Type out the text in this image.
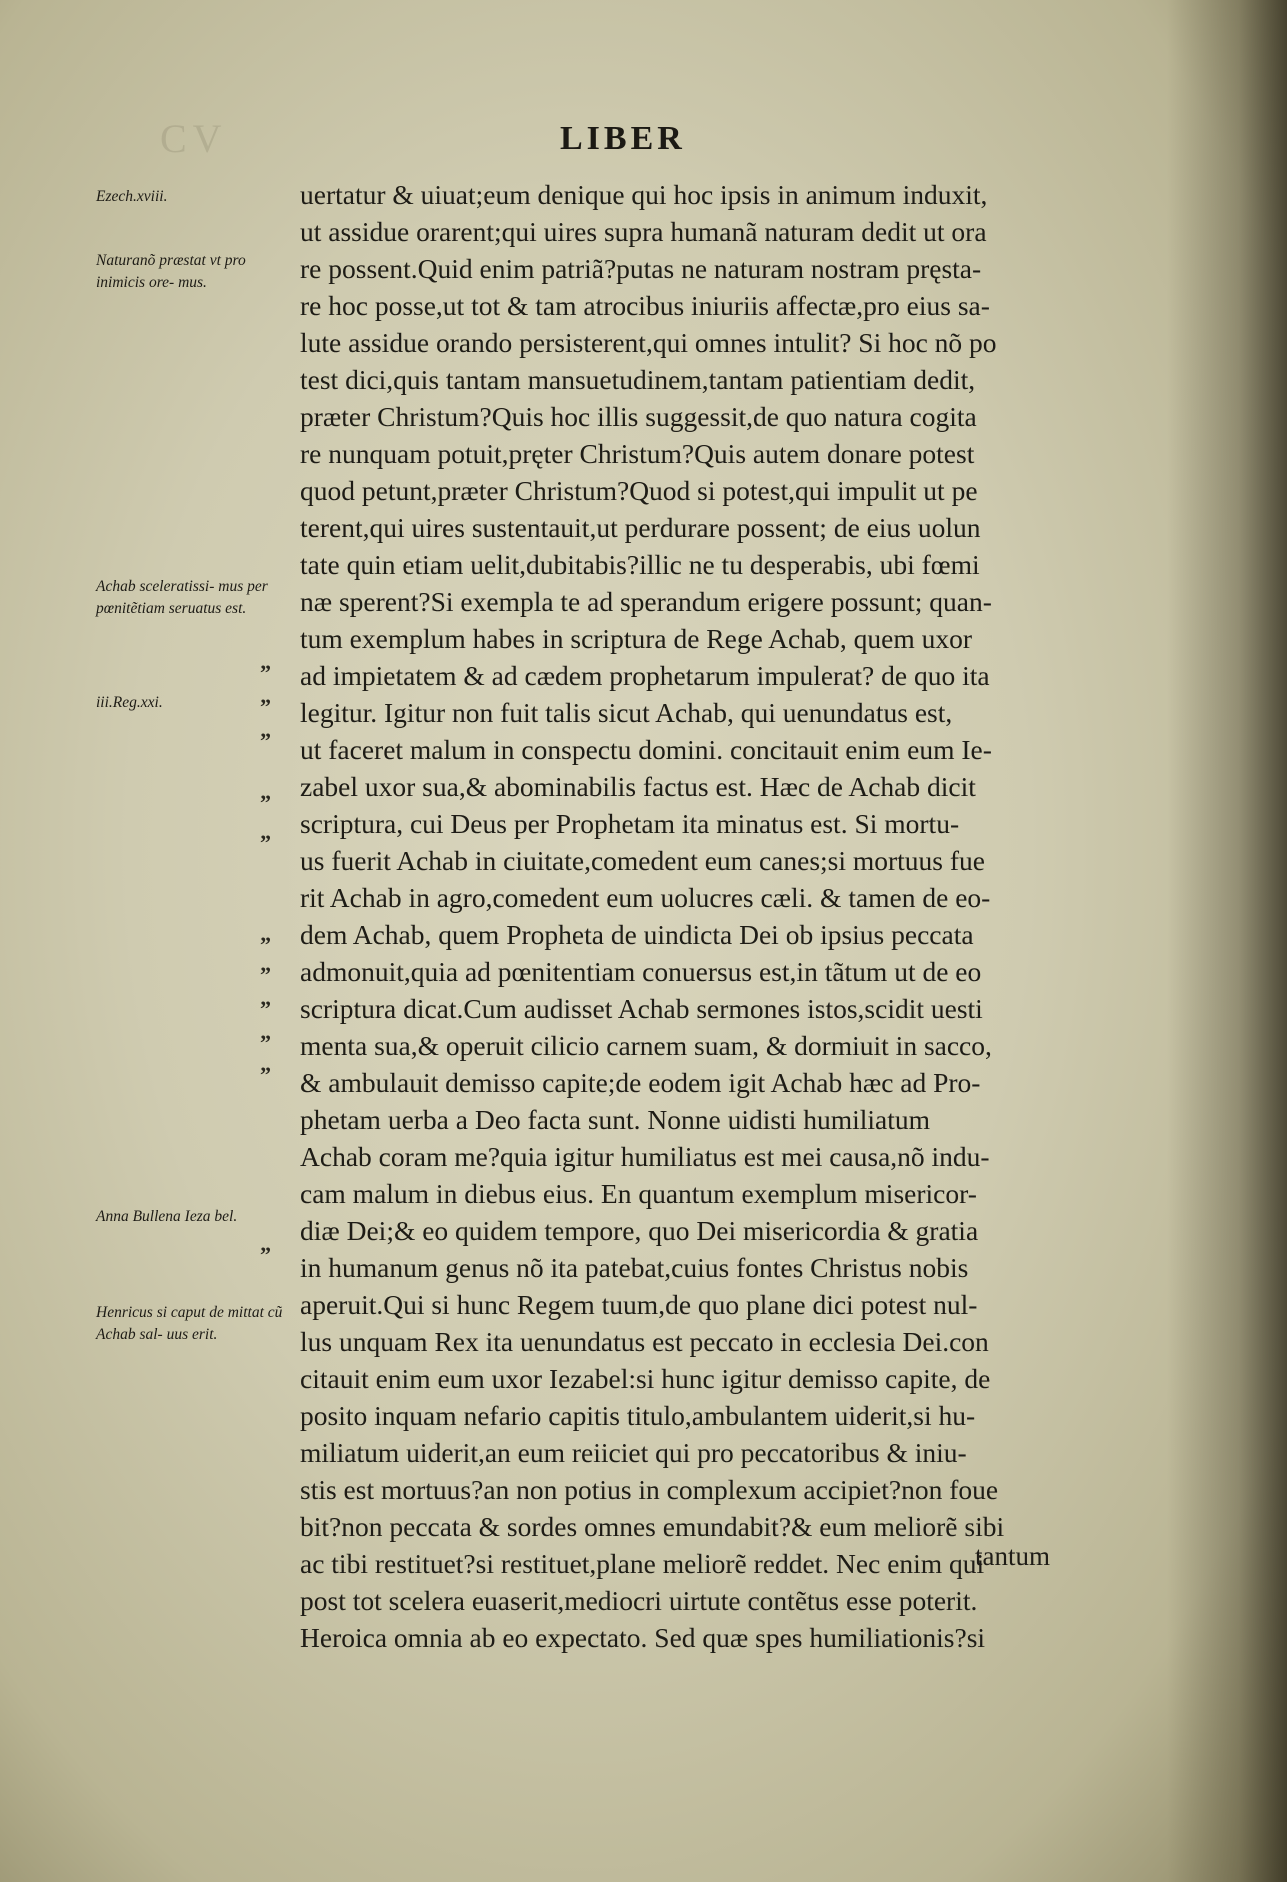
CV	LIBER
uertatur & uiuat;eum denique qui hoc ipsis in animum induxit,
ut assidue orarent;qui uires supra humanã naturam dedit ut ora
re possent.Quid enim patriã?putas ne naturam nostram pręsta-
re hoc posse,ut tot & tam atrocibus iniuriis affectæ,pro eius sa-
lute assidue orando persisterent,qui omnes intulit? Si hoc nõ po
test dici,quis tantam mansuetudinem,tantam patientiam dedit,
præter Christum?Quis hoc illis suggessit,de quo natura cogita
re nunquam potuit,pręter Christum?Quis autem donare potest
quod petunt,præter Christum?Quod si potest,qui impulit ut pe
terent,qui uires sustentauit,ut perdurare possent; de eius uolun
tate quin etiam uelit,dubitabis?illic ne tu desperabis, ubi fœmi
næ sperent?Si exempla te ad sperandum erigere possunt; quan-
tum exemplum habes in scriptura de Rege Achab, quem uxor
ad impietatem & ad cædem prophetarum impulerat? de quo ita
legitur. Igitur non fuit talis sicut Achab, qui uenundatus est,
ut faceret malum in conspectu domini. concitauit enim eum Ie-
zabel uxor sua,& abominabilis factus est. Hæc de Achab dicit
scriptura, cui Deus per Prophetam ita minatus est. Si mortu-
us fuerit Achab in ciuitate,comedent eum canes;si mortuus fue
rit Achab in agro,comedent eum uolucres cæli. & tamen de eo-
dem Achab, quem Propheta de uindicta Dei ob ipsius peccata
admonuit,quia ad pœnitentiam conuersus est,in tãtum ut de eo
scriptura dicat.Cum audisset Achab sermones istos,scidit uesti
menta sua,& operuit cilicio carnem suam, & dormiuit in sacco,
& ambulauit demisso capite;de eodem igit Achab hæc ad Pro-
phetam uerba a Deo facta sunt. Nonne uidisti humiliatum
Achab coram me?quia igitur humiliatus est mei causa,nõ indu-
cam malum in diebus eius. En quantum exemplum misericor-
diæ Dei;& eo quidem tempore, quo Dei misericordia & gratia
in humanum genus nõ ita patebat,cuius fontes Christus nobis
aperuit.Qui si hunc Regem tuum,de quo plane dici potest nul-
lus unquam Rex ita uenundatus est peccato in ecclesia Dei.con
citauit enim eum uxor Iezabel:si hunc igitur demisso capite, de
posito inquam nefario capitis titulo,ambulantem uiderit,si hu-
miliatum uiderit,an eum reiiciet qui pro peccatoribus & iniu-
stis est mortuus?an non potius in complexum accipiet?non foue
bit?non peccata & sordes omnes emundabit?& eum meliorẽ sibi
ac tibi restituet?si restituet,plane meliorẽ reddet. Nec enim qui
post tot scelera euaserit,mediocri uirtute contẽtus esse poterit.
Heroica omnia ab eo expectato. Sed quæ spes humiliationis?si
tantum
Ezech.xviii.
Naturanõ præstat vt pro inimicis ore- mus.
Achab sceleratissi- mus per pœnitẽtiam seruatus est.
iii.Reg.xxi.
Anna Bullena Ieza bel.
Henricus si caput de mittat cũ Achab sal- uus erit.
”
”
”
”
”
”
”
”
”
”
”
